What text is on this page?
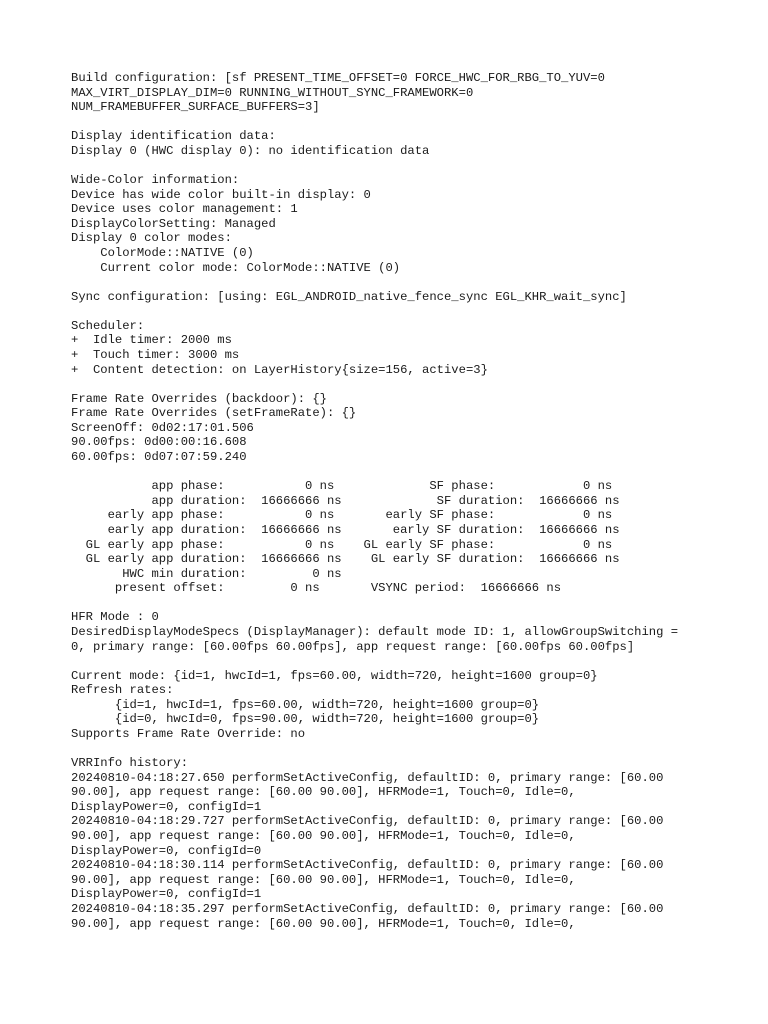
Build configuration: [sf PRESENT_TIME_OFFSET=0 FORCE_HWC_FOR_RBG_TO_YUV=0
MAX_VIRT_DISPLAY_DIM=0 RUNNING_WITHOUT_SYNC_FRAMEWORK=0
NUM_FRAMEBUFFER_SURFACE_BUFFERS=3]
Display identification data:
Display 0 (HWC display 0): no identification data
Wide-Color information:
Device has wide color built-in display: 0
Device uses color management: 1
DisplayColorSetting: Managed
Display 0 color modes:
ColorMode::NATIVE (0)
Current color mode: ColorMode::NATIVE (0)
Sync configuration: [using: EGL_ANDROID_native_fence_sync EGL_KHR_wait_sync]
Scheduler:
+  Idle timer: 2000 ms
+  Touch timer: 3000 ms
+  Content detection: on LayerHistory{size=156, active=3}
Frame Rate Overrides (backdoor): {}
Frame Rate Overrides (setFrameRate): {}
ScreenOff: 0d02:17:01.506
90.00fps: 0d00:00:16.608
60.00fps: 0d07:07:59.240
app phase:           0 ns             SF phase:            0 ns
app duration:  16666666 ns             SF duration:  16666666 ns
early app phase:           0 ns       early SF phase:            0 ns
early app duration:  16666666 ns       early SF duration:  16666666 ns
GL early app phase:           0 ns    GL early SF phase:            0 ns
GL early app duration:  16666666 ns    GL early SF duration:  16666666 ns
HWC min duration:         0 ns
present offset:         0 ns       VSYNC period:  16666666 ns
HFR Mode : 0
DesiredDisplayModeSpecs (DisplayManager): default mode ID: 1, allowGroupSwitching =
0, primary range: [60.00fps 60.00fps], app request range: [60.00fps 60.00fps]
Current mode: {id=1, hwcId=1, fps=60.00, width=720, height=1600 group=0}
Refresh rates:
{id=1, hwcId=1, fps=60.00, width=720, height=1600 group=0}
{id=0, hwcId=0, fps=90.00, width=720, height=1600 group=0}
Supports Frame Rate Override: no
VRRInfo history:
20240810-04:18:27.650 performSetActiveConfig, defaultID: 0, primary range: [60.00
90.00], app request range: [60.00 90.00], HFRMode=1, Touch=0, Idle=0,
DisplayPower=0, configId=1
20240810-04:18:29.727 performSetActiveConfig, defaultID: 0, primary range: [60.00
90.00], app request range: [60.00 90.00], HFRMode=1, Touch=0, Idle=0,
DisplayPower=0, configId=0
20240810-04:18:30.114 performSetActiveConfig, defaultID: 0, primary range: [60.00
90.00], app request range: [60.00 90.00], HFRMode=1, Touch=0, Idle=0,
DisplayPower=0, configId=1
20240810-04:18:35.297 performSetActiveConfig, defaultID: 0, primary range: [60.00
90.00], app request range: [60.00 90.00], HFRMode=1, Touch=0, Idle=0,
